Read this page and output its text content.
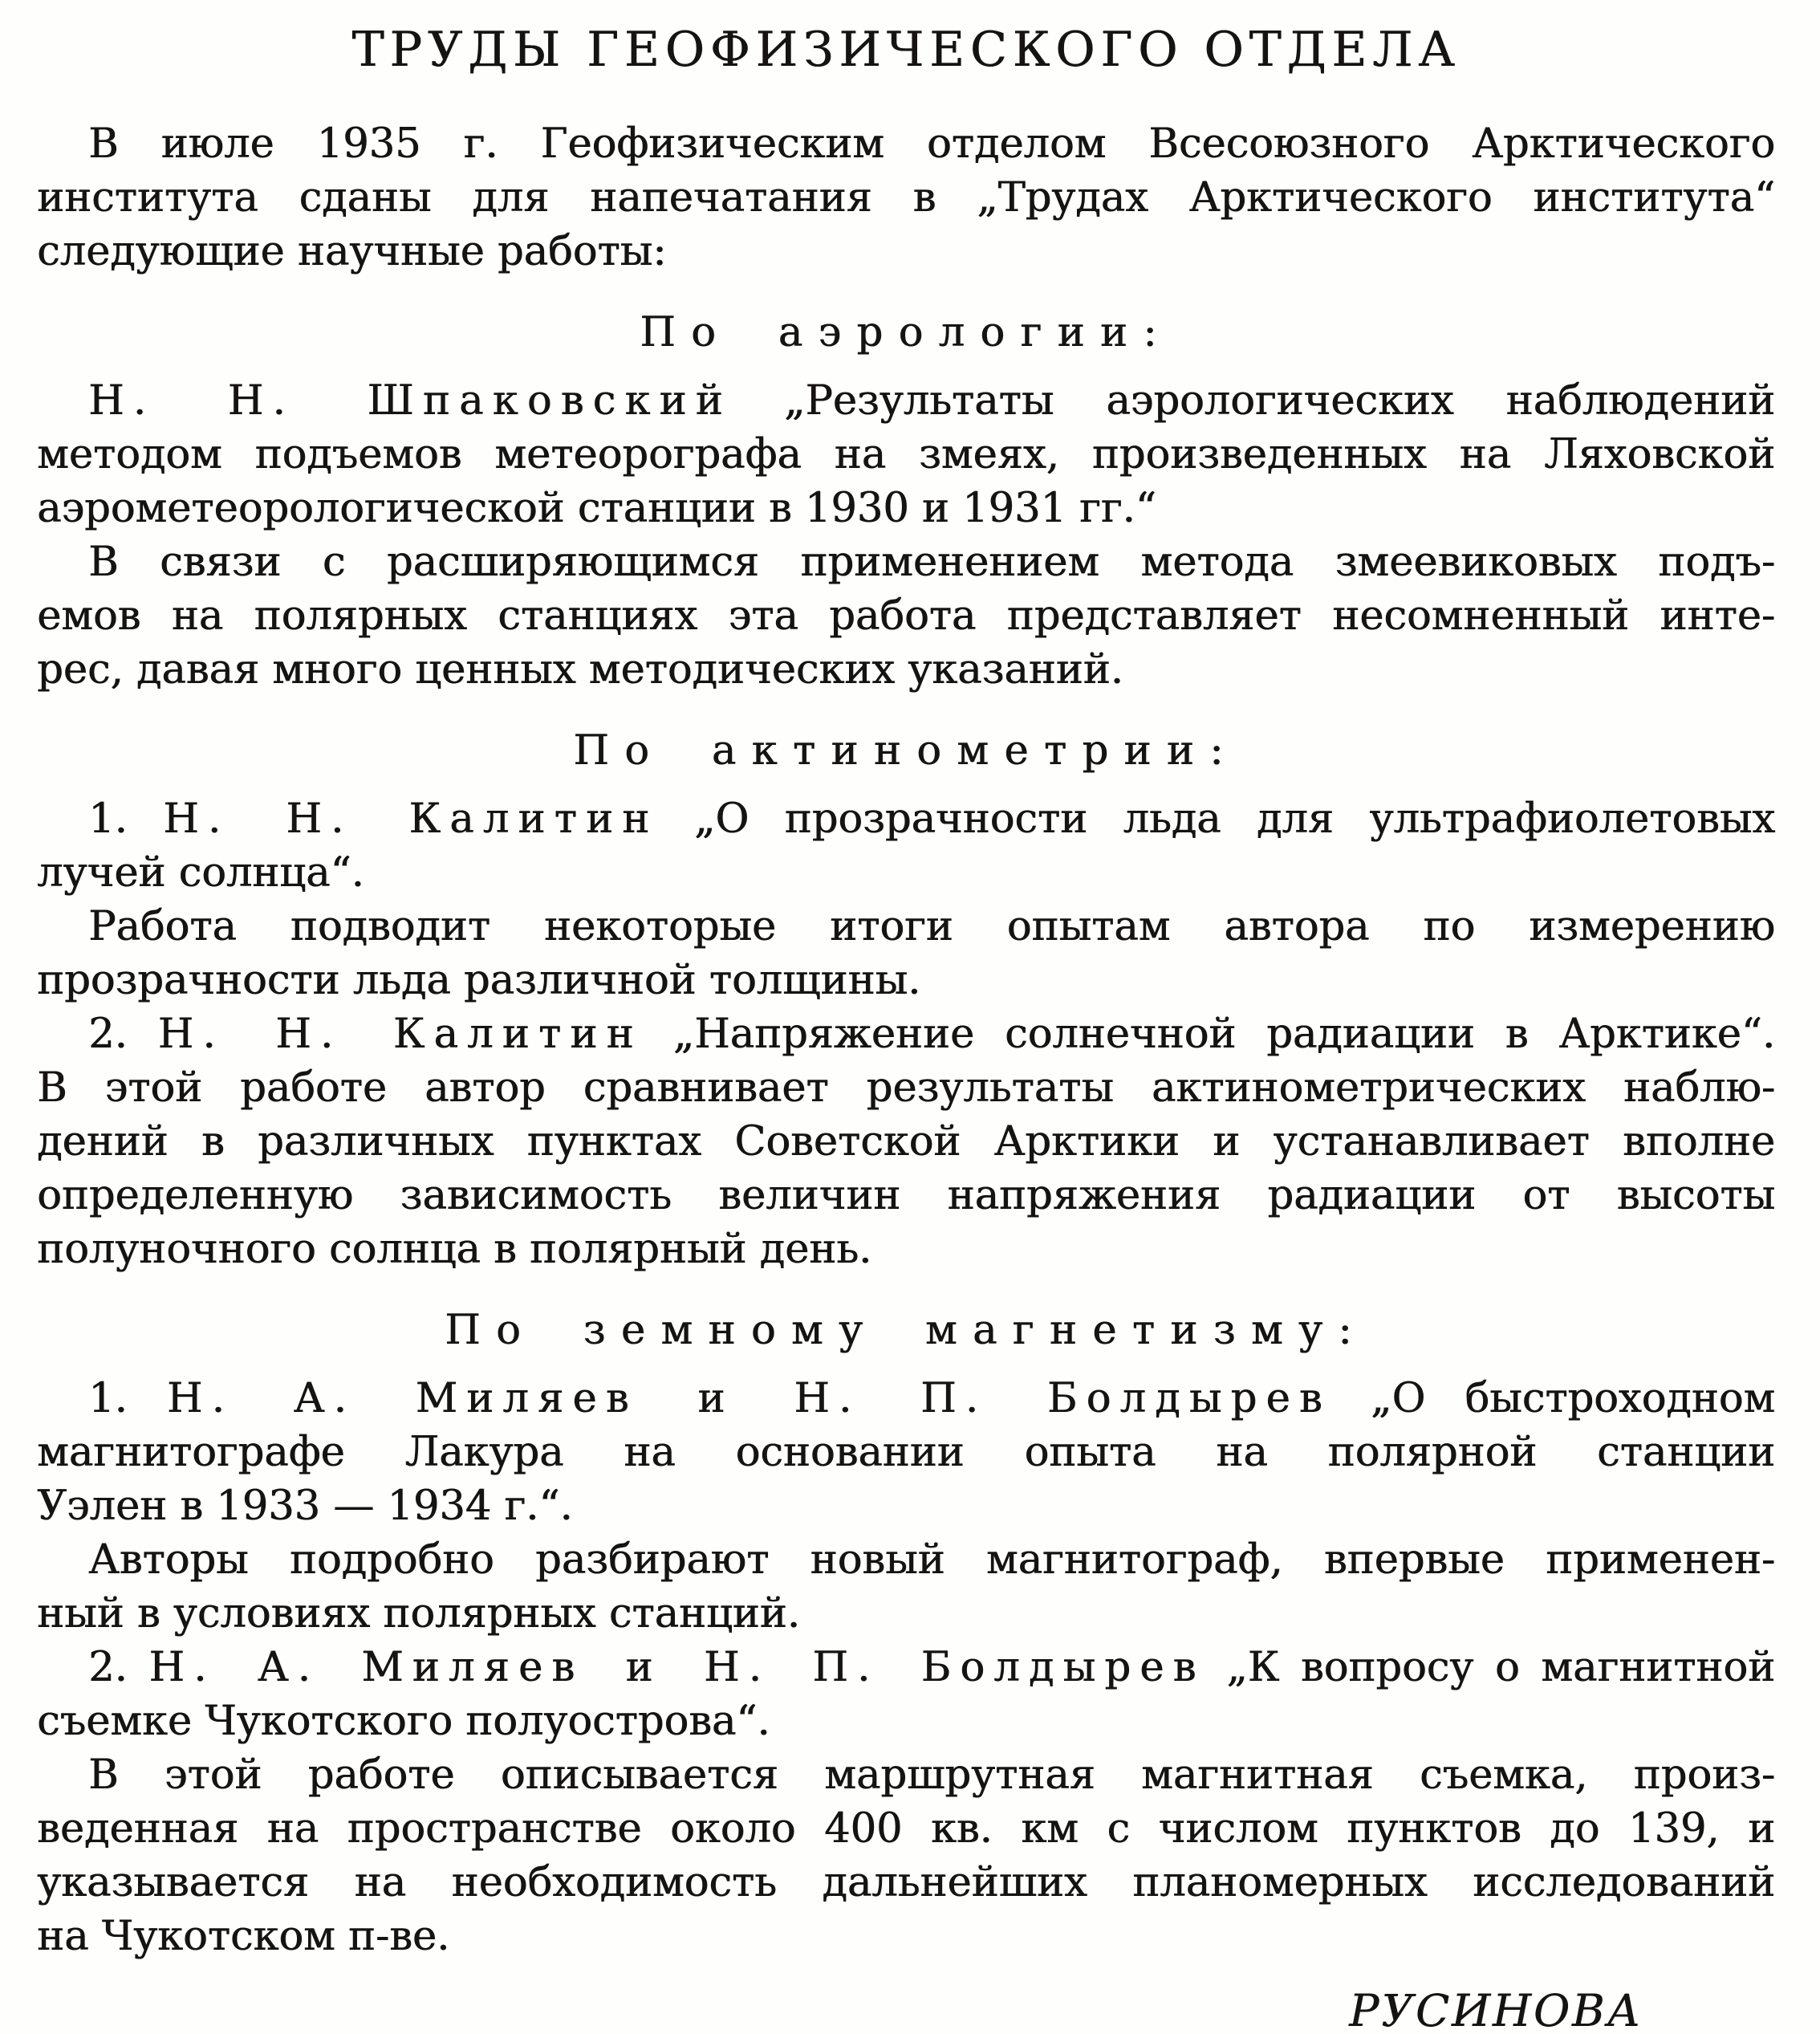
ТРУДЫ ГЕОФИЗИЧЕСКОГО ОТДЕЛА
В июле 1935 г. Геофизическим отделом Всесоюзного Арктического
института сданы для напечатания в „Трудах Арктического института“
следующие научные работы:
По аэрологии:
Н. Н. Шпаковский „Результаты аэрологических наблюдений
методом подъемов метеорографа на змеях, произведенных на Ляховской
аэрометеорологической станции в 1930 и 1931 гг.“
В связи с расширяющимся применением метода змеевиковых подъ-
емов на полярных станциях эта работа представляет несомненный инте-
рес, давая много ценных методических указаний.
По актинометрии:
1. Н. Н. Калитин „О прозрачности льда для ультрафиолетовых
лучей солнца“.
Работа подводит некоторые итоги опытам автора по измерению
прозрачности льда различной толщины.
2. Н. Н. Калитин „Напряжение солнечной радиации в Арктике“.
В этой работе автор сравнивает результаты актинометрических наблю-
дений в различных пунктах Советской Арктики и устанавливает вполне
определенную зависимость величин напряжения радиации от высоты
полуночного солнца в полярный день.
По земному магнетизму:
1. Н. А. Миляев и Н. П. Болдырев „О быстроходном
магнитографе Лакура на основании опыта на полярной станции
Уэлен в 1933 — 1934 г.“.
Авторы подробно разбирают новый магнитограф, впервые применен-
ный в условиях полярных станций.
2. Н. А. Миляев и Н. П. Болдырев „К вопросу о магнитной
съемке Чукотского полуострова“.
В этой работе описывается маршрутная магнитная съемка, произ-
веденная на пространстве около 400 кв. км с числом пунктов до 139, и
указывается на необходимость дальнейших планомерных исследований
на Чукотском п-ве.
РУСИНОВА
